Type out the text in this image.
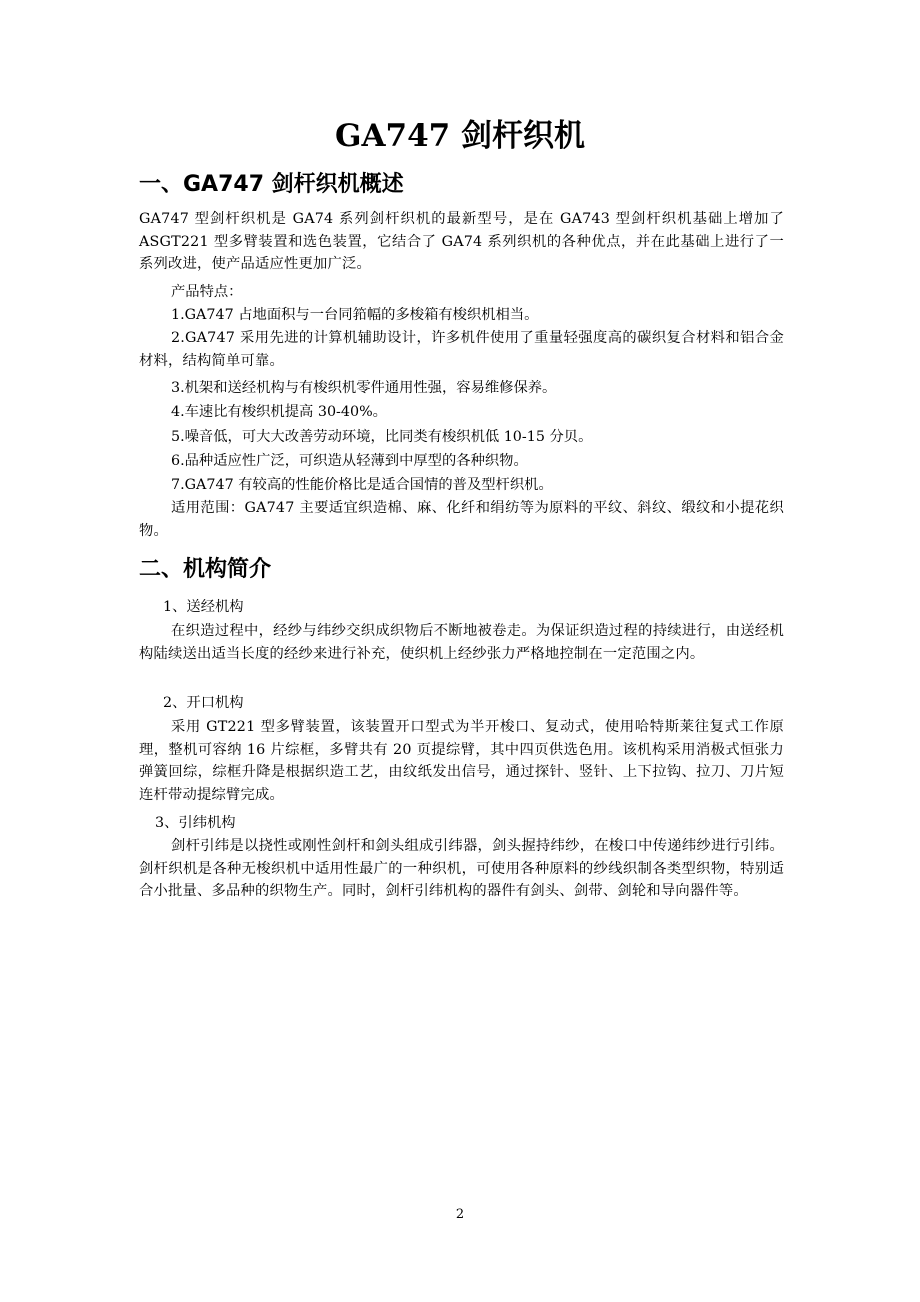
GA747 剑杆织机
一、GA747 剑杆织机概述
GA747 型剑杆织机是 GA74 系列剑杆织机的最新型号，是在 GA743 型剑杆织机基础上增加了 ASGT221 型多臂装置和选色装置，它结合了 GA74 系列织机的各种优点，并在此基础上进行了一系列改进，使产品适应性更加广泛。
产品特点：
1.GA747 占地面积与一台同筘幅的多梭箱有梭织机相当。
2.GA747 采用先进的计算机辅助设计，许多机件使用了重量轻强度高的碳织复合材料和铝合金材料，结构简单可靠。
3.机架和送经机构与有梭织机零件通用性强，容易维修保养。
4.车速比有梭织机提高 30-40%。
5.噪音低，可大大改善劳动环境，比同类有梭织机低 10-15 分贝。
6.品种适应性广泛，可织造从轻薄到中厚型的各种织物。
7.GA747 有较高的性能价格比是适合国情的普及型杆织机。
适用范围：GA747 主要适宜织造棉、麻、化纤和绢纺等为原料的平纹、斜纹、缎纹和小提花织物。
二、机构简介
1、送经机构
在织造过程中，经纱与纬纱交织成织物后不断地被卷走。为保证织造过程的持续进行，由送经机构陆续送出适当长度的经纱来进行补充，使织机上经纱张力严格地控制在一定范围之内。
2、开口机构
采用 GT221 型多臂装置，该装置开口型式为半开梭口、复动式，使用哈特斯莱往复式工作原理，整机可容纳 16 片综框，多臂共有 20 页提综臂，其中四页供选色用。该机构采用消极式恒张力弹簧回综，综框升降是根据织造工艺，由纹纸发出信号，通过探针、竖针、上下拉钩、拉刀、刀片短连杆带动提综臂完成。
3、引纬机构
剑杆引纬是以挠性或刚性剑杆和剑头组成引纬器，剑头握持纬纱，在梭口中传递纬纱进行引纬。剑杆织机是各种无梭织机中适用性最广的一种织机，可使用各种原料的纱线织制各类型织物，特别适合小批量、多品种的织物生产。同时，剑杆引纬机构的器件有剑头、剑带、剑轮和导向器件等。
2
